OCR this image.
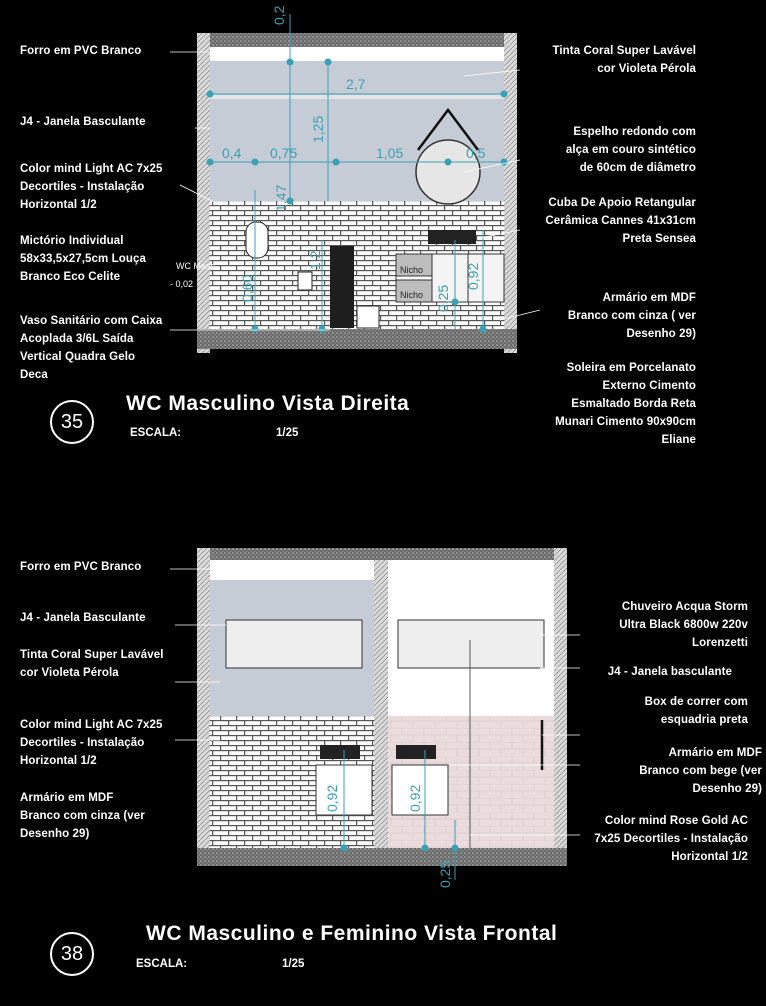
0,2
2,7
1,25
0,4 0,75	1,05	0,5
1,47
0,60
1,2
0,25
0,92
Nicho
Nicho
WC Masc.
- 0,02
0,92	0,92
0,25
Forro em PVC Branco
J4 - Janela Basculante
Color mind Light AC 7x25
Decortiles - Instalação
Horizontal 1/2
Mictório Individual
58x33,5x27,5cm Louça
Branco Eco Celite
Vaso Sanitário com Caixa
Acoplada 3/6L Saída
Vertical Quadra Gelo
Deca
Tinta Coral Super Lavável
cor Violeta Pérola
Espelho redondo com
alça em couro sintético
de 60cm de diâmetro
Cuba De Apoio Retangular
Cerâmica Cannes 41x31cm
Preta Sensea
Armário em MDF
Branco com cinza ( ver
Desenho 29)
Soleira em Porcelanato
Externo Cimento
Esmaltado Borda Reta
Munari Cimento 90x90cm
Eliane
35
WC Masculino Vista Direita
ESCALA:	1/25
Forro em PVC Branco
J4 - Janela Basculante
Tinta Coral Super Lavável
cor Violeta Pérola
Color mind Light AC 7x25
Decortiles - Instalação
Horizontal 1/2
Armário em MDF
Branco com cinza (ver
Desenho 29)
Chuveiro Acqua Storm
Ultra Black 6800w 220v
Lorenzetti
J4 - Janela basculante
Box de correr com
esquadria preta
Armário em MDF
Branco com bege (ver
Desenho 29)
Color mind Rose Gold AC
7x25 Decortiles - Instalação
Horizontal 1/2
38
WC Masculino e Feminino Vista Frontal
ESCALA:	1/25
